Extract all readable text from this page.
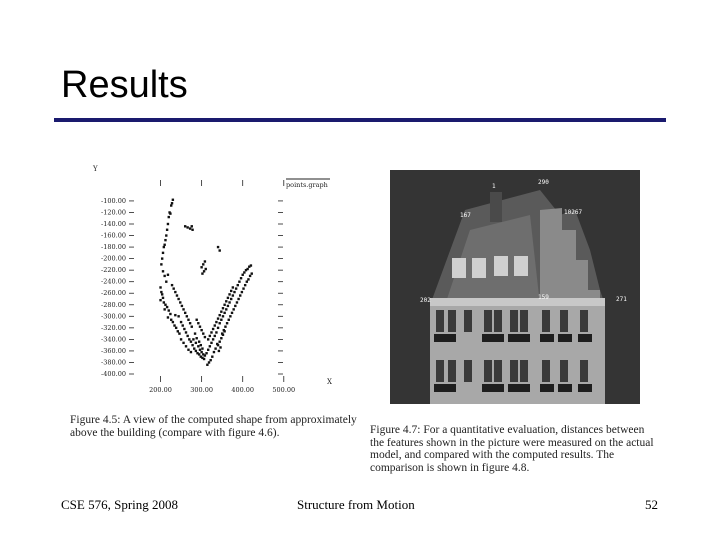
Results
Y
X
points.graph
-100.00
-120.00
-140.00
-160.00
-180.00
-200.00
-220.00
-240.00
-260.00
-280.00
-300.00
-320.00
-340.00
-360.00
-380.00
-400.00
200.00	300.00	400.00	500.00
Figure 4.5: A view of the computed shape from approximately above the building (compare with figure 4.6).
1
290
167	10267
202	271
159
Figure 4.7: For a quantitative evaluation, distances between the features shown in the picture were measured on the actual model, and compared with the computed results. The comparison is shown in figure 4.8.
CSE 576, Spring 2008	Structure from Motion	52
